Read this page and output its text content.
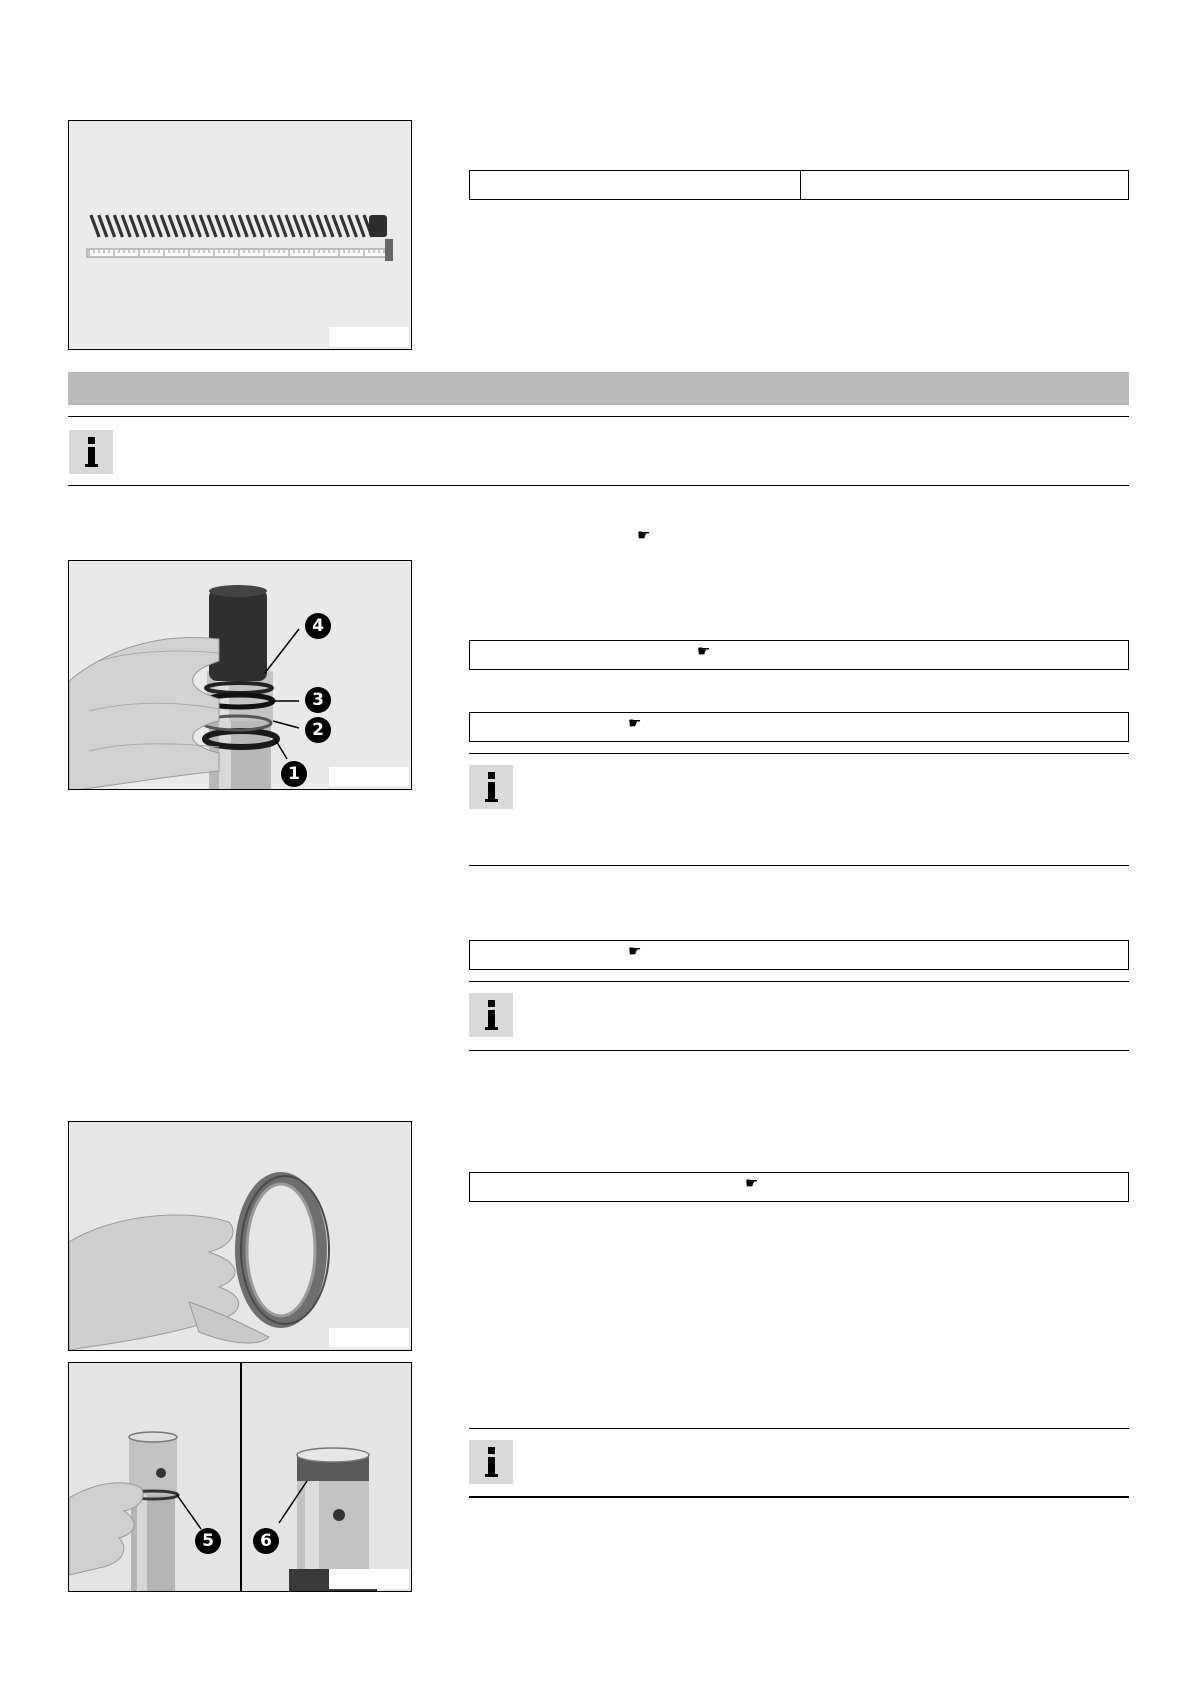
☛
4
3
2
1
☛
☛
☛
☛
5	6
